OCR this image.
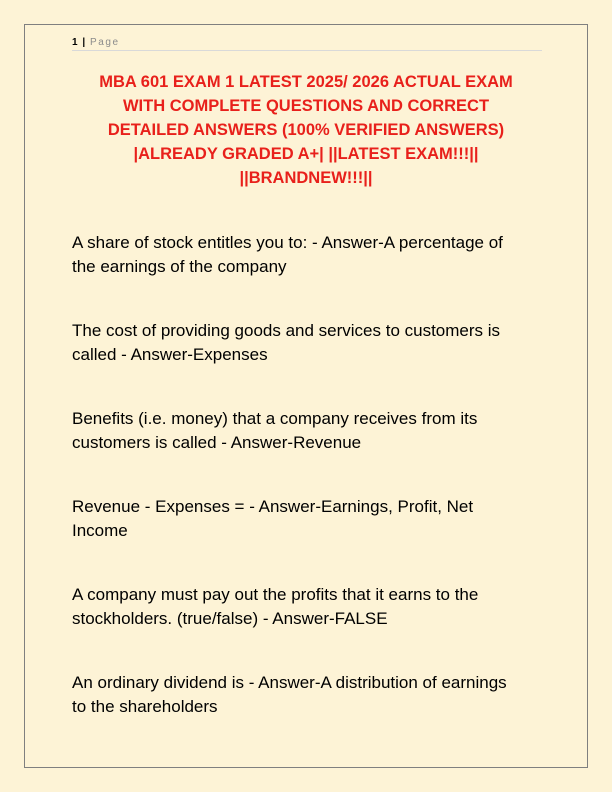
1 | Page
MBA 601 EXAM 1 LATEST 2025/ 2026 ACTUAL EXAM
WITH COMPLETE QUESTIONS AND CORRECT
DETAILED ANSWERS (100% VERIFIED ANSWERS)
|ALREADY GRADED A+| ||LATEST EXAM!!!||
||BRANDNEW!!!||
A share of stock entitles you to: - Answer-A percentage of
the earnings of the company
The cost of providing goods and services to customers is
called - Answer-Expenses
Benefits (i.e. money) that a company receives from its
customers is called - Answer-Revenue
Revenue - Expenses = - Answer-Earnings, Profit, Net
Income
A company must pay out the profits that it earns to the
stockholders. (true/false) - Answer-FALSE
An ordinary dividend is - Answer-A distribution of earnings
to the shareholders
